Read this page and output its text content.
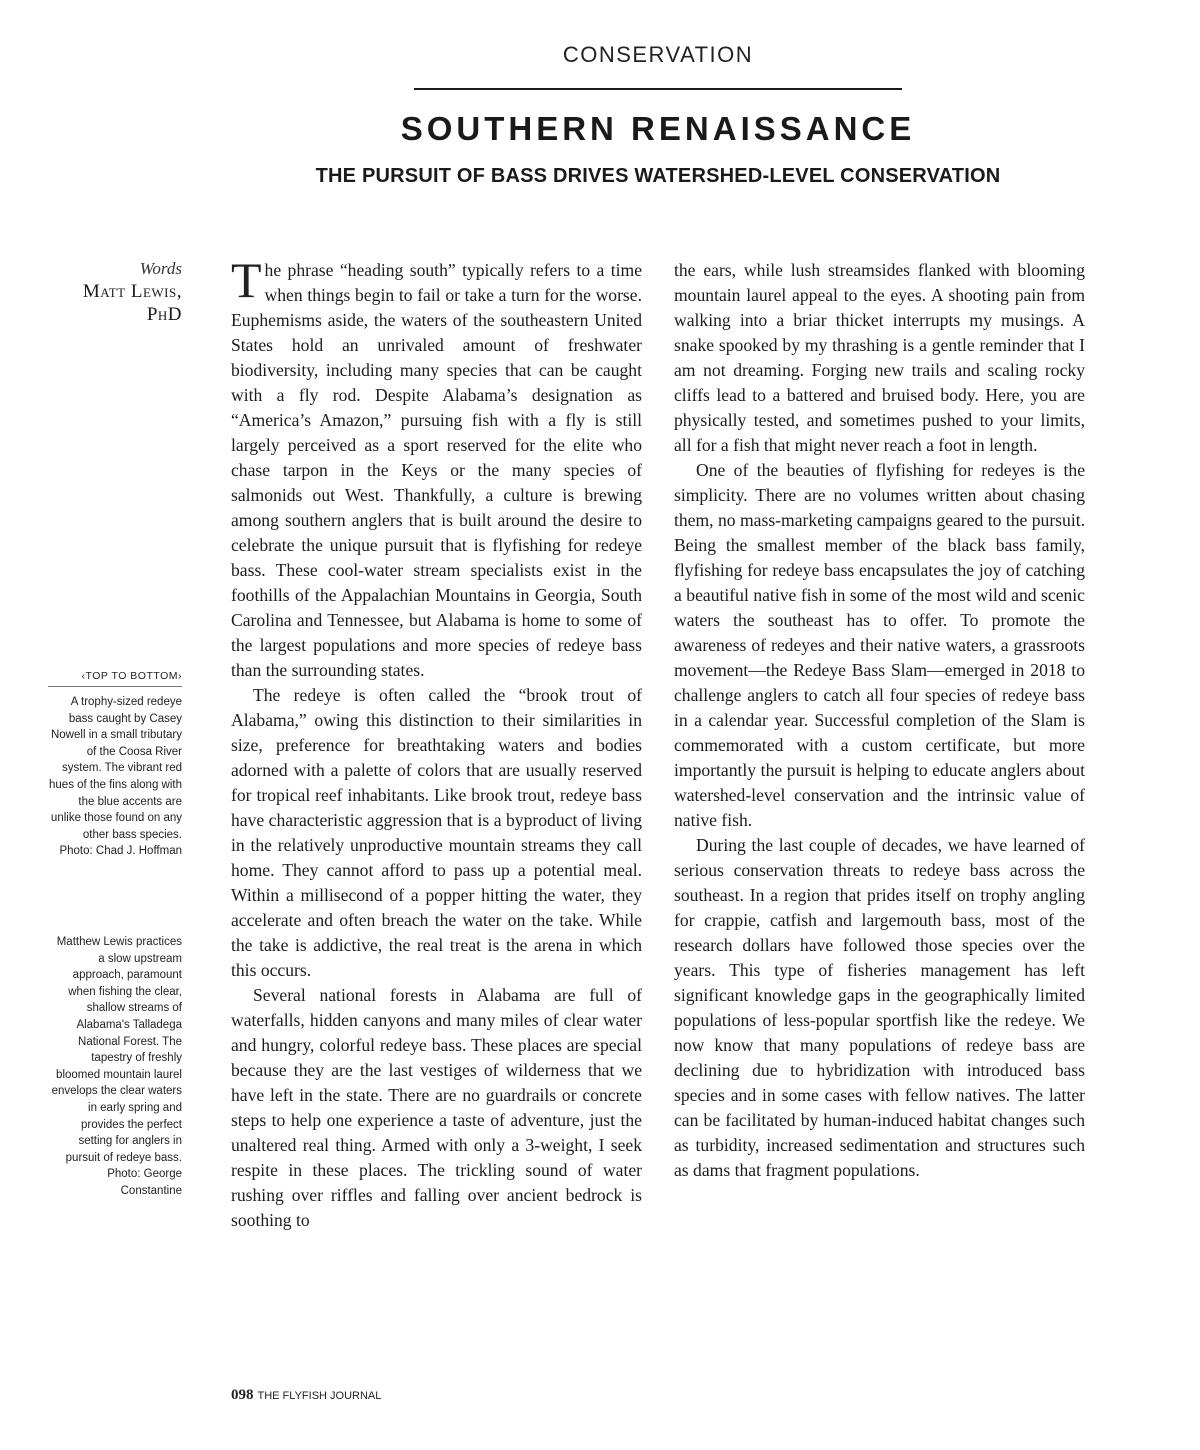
CONSERVATION
SOUTHERN RENAISSANCE
THE PURSUIT OF BASS DRIVES WATERSHED-LEVEL CONSERVATION
Words
Matt Lewis,
PhD
‹TOP TO BOTTOM›
A trophy-sized redeye bass caught by Casey Nowell in a small tributary of the Coosa River system. The vibrant red hues of the fins along with the blue accents are unlike those found on any other bass species. Photo: Chad J. Hoffman
Matthew Lewis practices a slow upstream approach, paramount when fishing the clear, shallow streams of Alabama's Talladega National Forest. The tapestry of freshly bloomed mountain laurel envelops the clear waters in early spring and provides the perfect setting for anglers in pursuit of redeye bass. Photo: George Constantine

The phrase “heading south” typically refers to a time when things begin to fail or take a turn for the worse. Euphemisms aside, the waters of the southeastern United States hold an unrivaled amount of freshwater biodiversity, including many species that can be caught with a fly rod. Despite Alabama’s designation as “America’s Amazon,” pursuing fish with a fly is still largely perceived as a sport reserved for the elite who chase tarpon in the Keys or the many species of salmonids out West. Thankfully, a culture is brewing among southern anglers that is built around the desire to celebrate the unique pursuit that is flyfishing for redeye bass. These cool-water stream specialists exist in the foothills of the Appalachian Mountains in Georgia, South Carolina and Tennessee, but Alabama is home to some of the largest populations and more species of redeye bass than the surrounding states.

The redeye is often called the “brook trout of Alabama,” owing this distinction to their similarities in size, preference for breathtaking waters and bodies adorned with a palette of colors that are usually reserved for tropical reef inhabitants. Like brook trout, redeye bass have characteristic aggression that is a byproduct of living in the relatively unproductive mountain streams they call home. They cannot afford to pass up a potential meal. Within a millisecond of a popper hitting the water, they accelerate and often breach the water on the take. While the take is addictive, the real treat is the arena in which this occurs.

Several national forests in Alabama are full of waterfalls, hidden canyons and many miles of clear water and hungry, colorful redeye bass. These places are special because they are the last vestiges of wilderness that we have left in the state. There are no guardrails or concrete steps to help one experience a taste of adventure, just the unaltered real thing. Armed with only a 3-weight, I seek respite in these places. The trickling sound of water rushing over riffles and falling over ancient bedrock is soothing to

the ears, while lush streamsides flanked with blooming mountain laurel appeal to the eyes. A shooting pain from walking into a briar thicket interrupts my musings. A snake spooked by my thrashing is a gentle reminder that I am not dreaming. Forging new trails and scaling rocky cliffs lead to a battered and bruised body. Here, you are physically tested, and sometimes pushed to your limits, all for a fish that might never reach a foot in length.

One of the beauties of flyfishing for redeyes is the simplicity. There are no volumes written about chasing them, no mass-marketing campaigns geared to the pursuit. Being the smallest member of the black bass family, flyfishing for redeye bass encapsulates the joy of catching a beautiful native fish in some of the most wild and scenic waters the southeast has to offer. To promote the awareness of redeyes and their native waters, a grassroots movement—the Redeye Bass Slam—emerged in 2018 to challenge anglers to catch all four species of redeye bass in a calendar year. Successful completion of the Slam is commemorated with a custom certificate, but more importantly the pursuit is helping to educate anglers about watershed-level conservation and the intrinsic value of native fish.

During the last couple of decades, we have learned of serious conservation threats to redeye bass across the southeast. In a region that prides itself on trophy angling for crappie, catfish and largemouth bass, most of the research dollars have followed those species over the years. This type of fisheries management has left significant knowledge gaps in the geographically limited populations of less-popular sportfish like the redeye. We now know that many populations of redeye bass are declining due to hybridization with introduced bass species and in some cases with fellow natives. The latter can be facilitated by human-induced habitat changes such as turbidity, increased sedimentation and structures such as dams that fragment populations.

098 THE FLYFISH JOURNAL
